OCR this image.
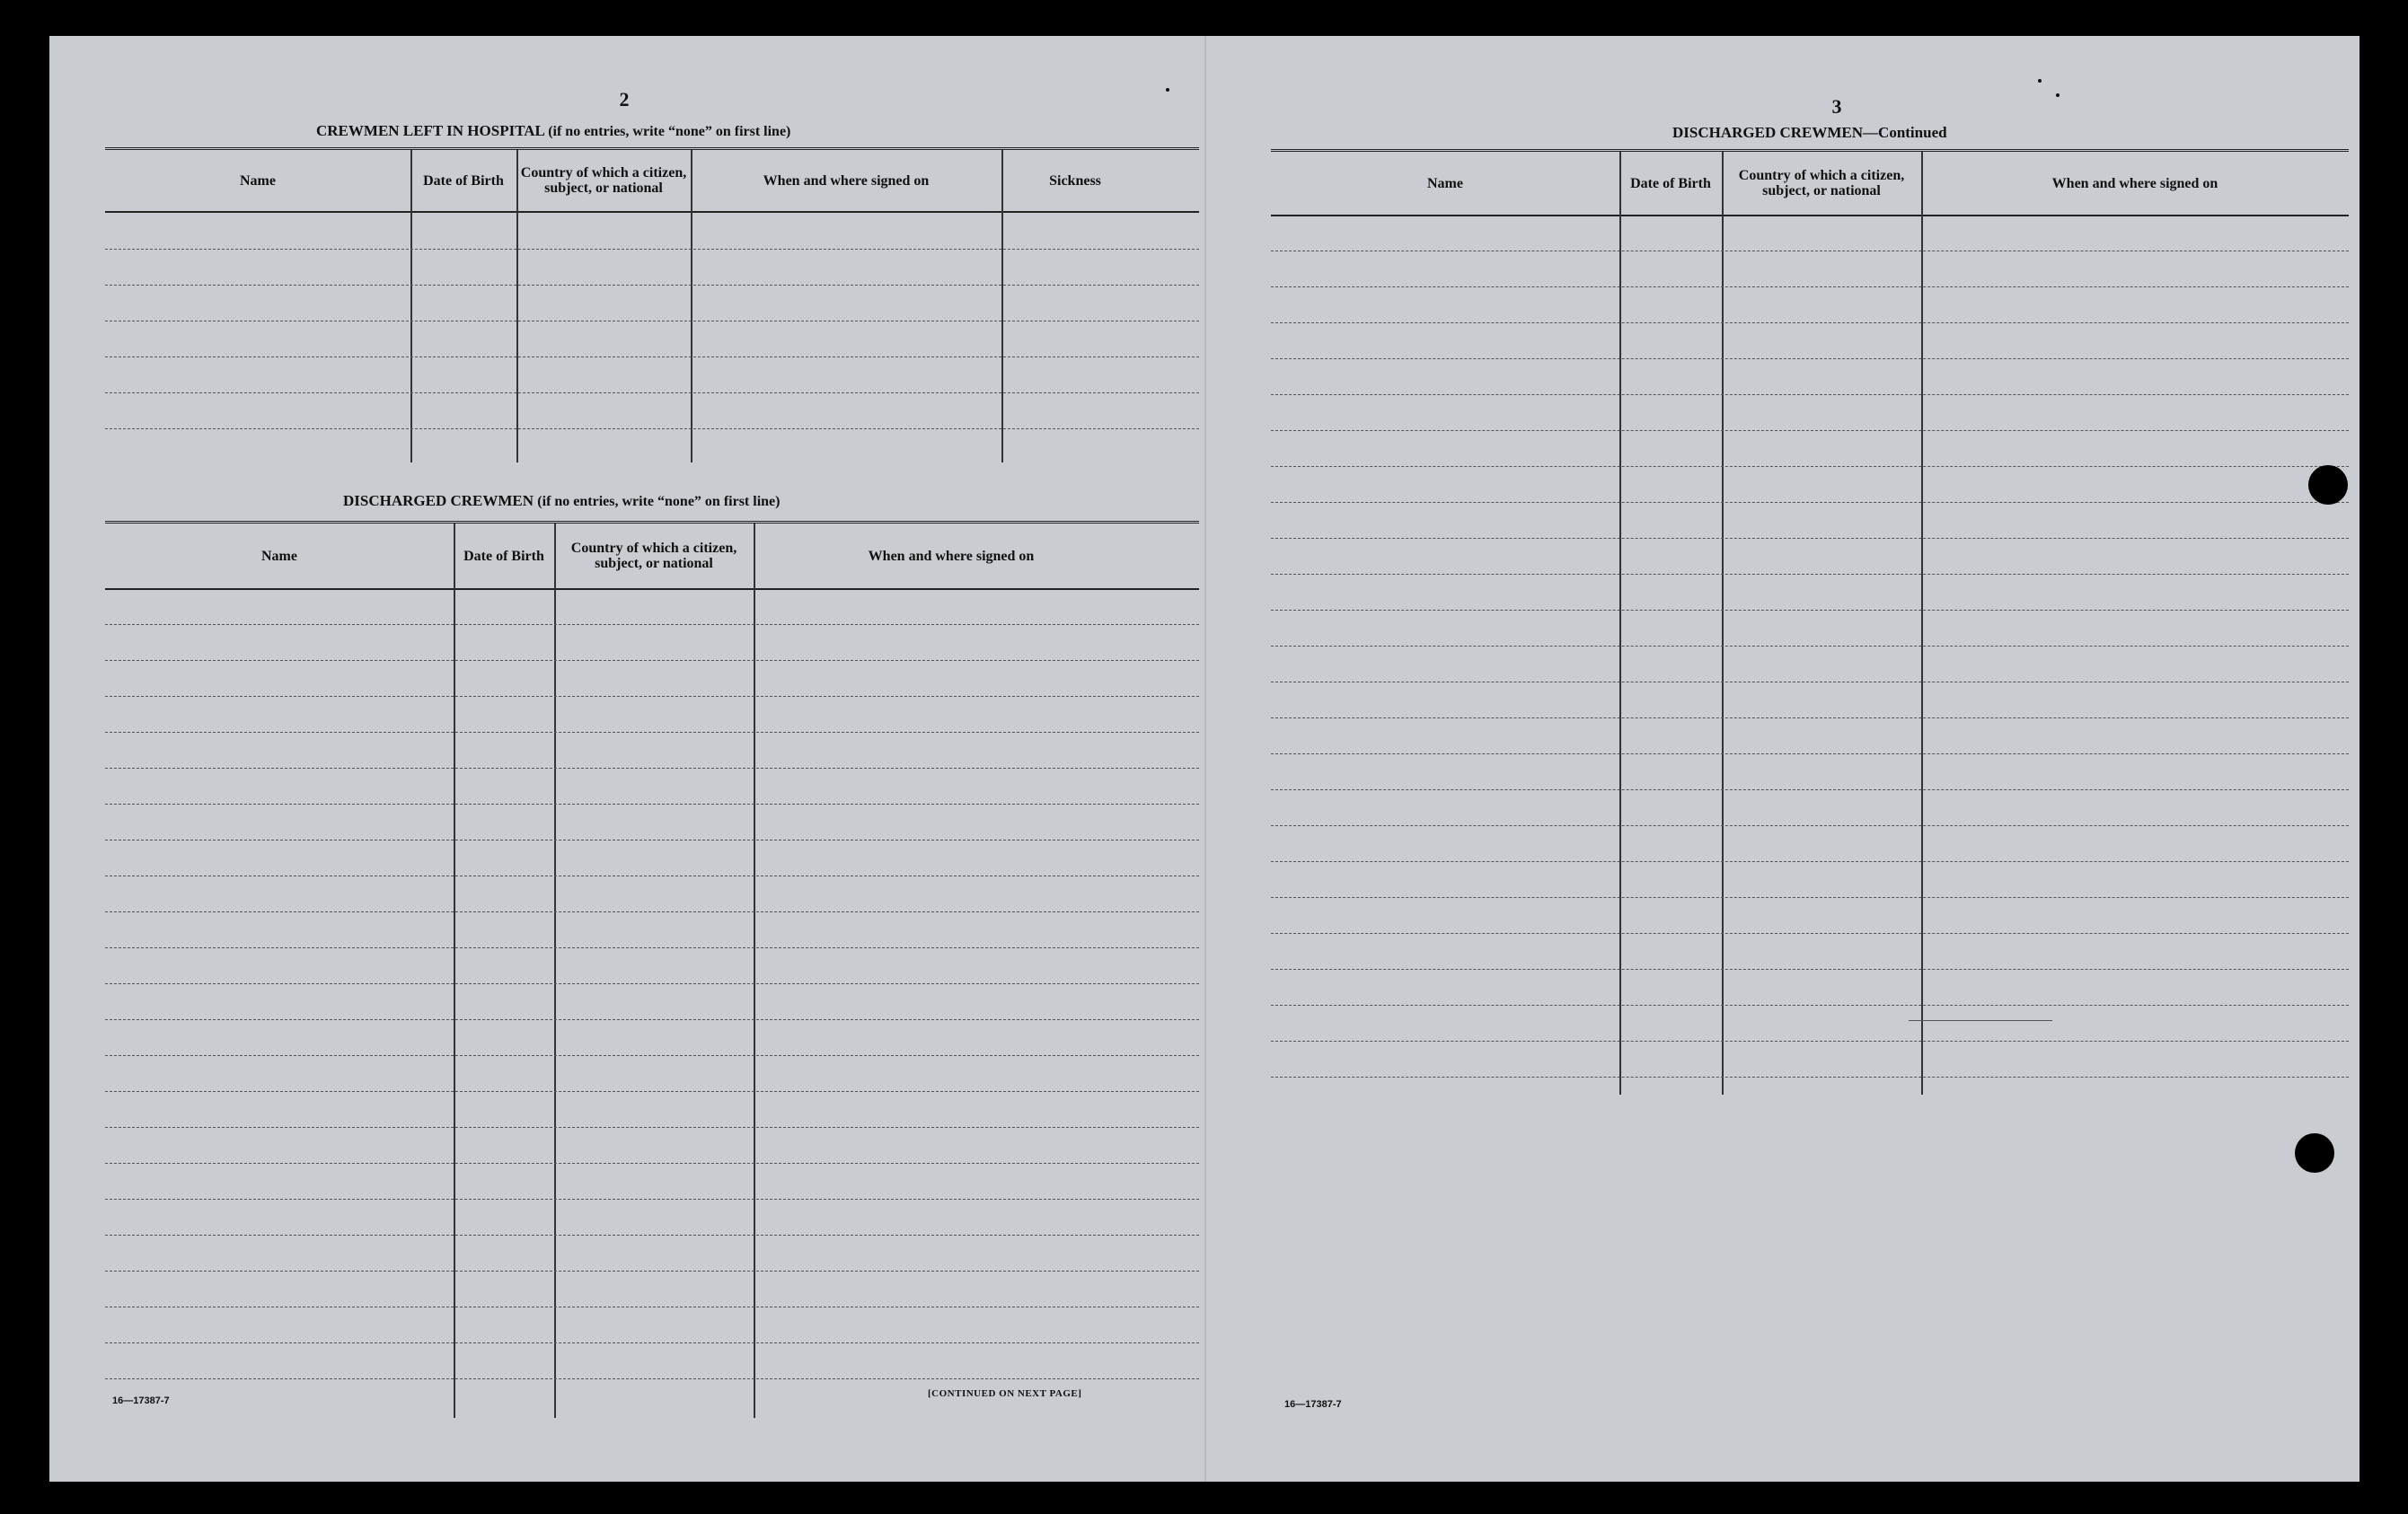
2
CREWMEN LEFT IN HOSPITAL (if no entries, write “none” on first line)
Name	Date of Birth	Country of which a citizen, subject, or national	When and where signed on	Sickness
DISCHARGED CREWMEN (if no entries, write “none” on first line)
Name	Date of Birth	Country of which a citizen, subject, or national	When and where signed on
16—17387-7
[CONTINUED ON NEXT PAGE]
3
DISCHARGED CREWMEN—Continued
Name	Date of Birth	Country of which a citizen, subject, or national	When and where signed on
16—17387-7
